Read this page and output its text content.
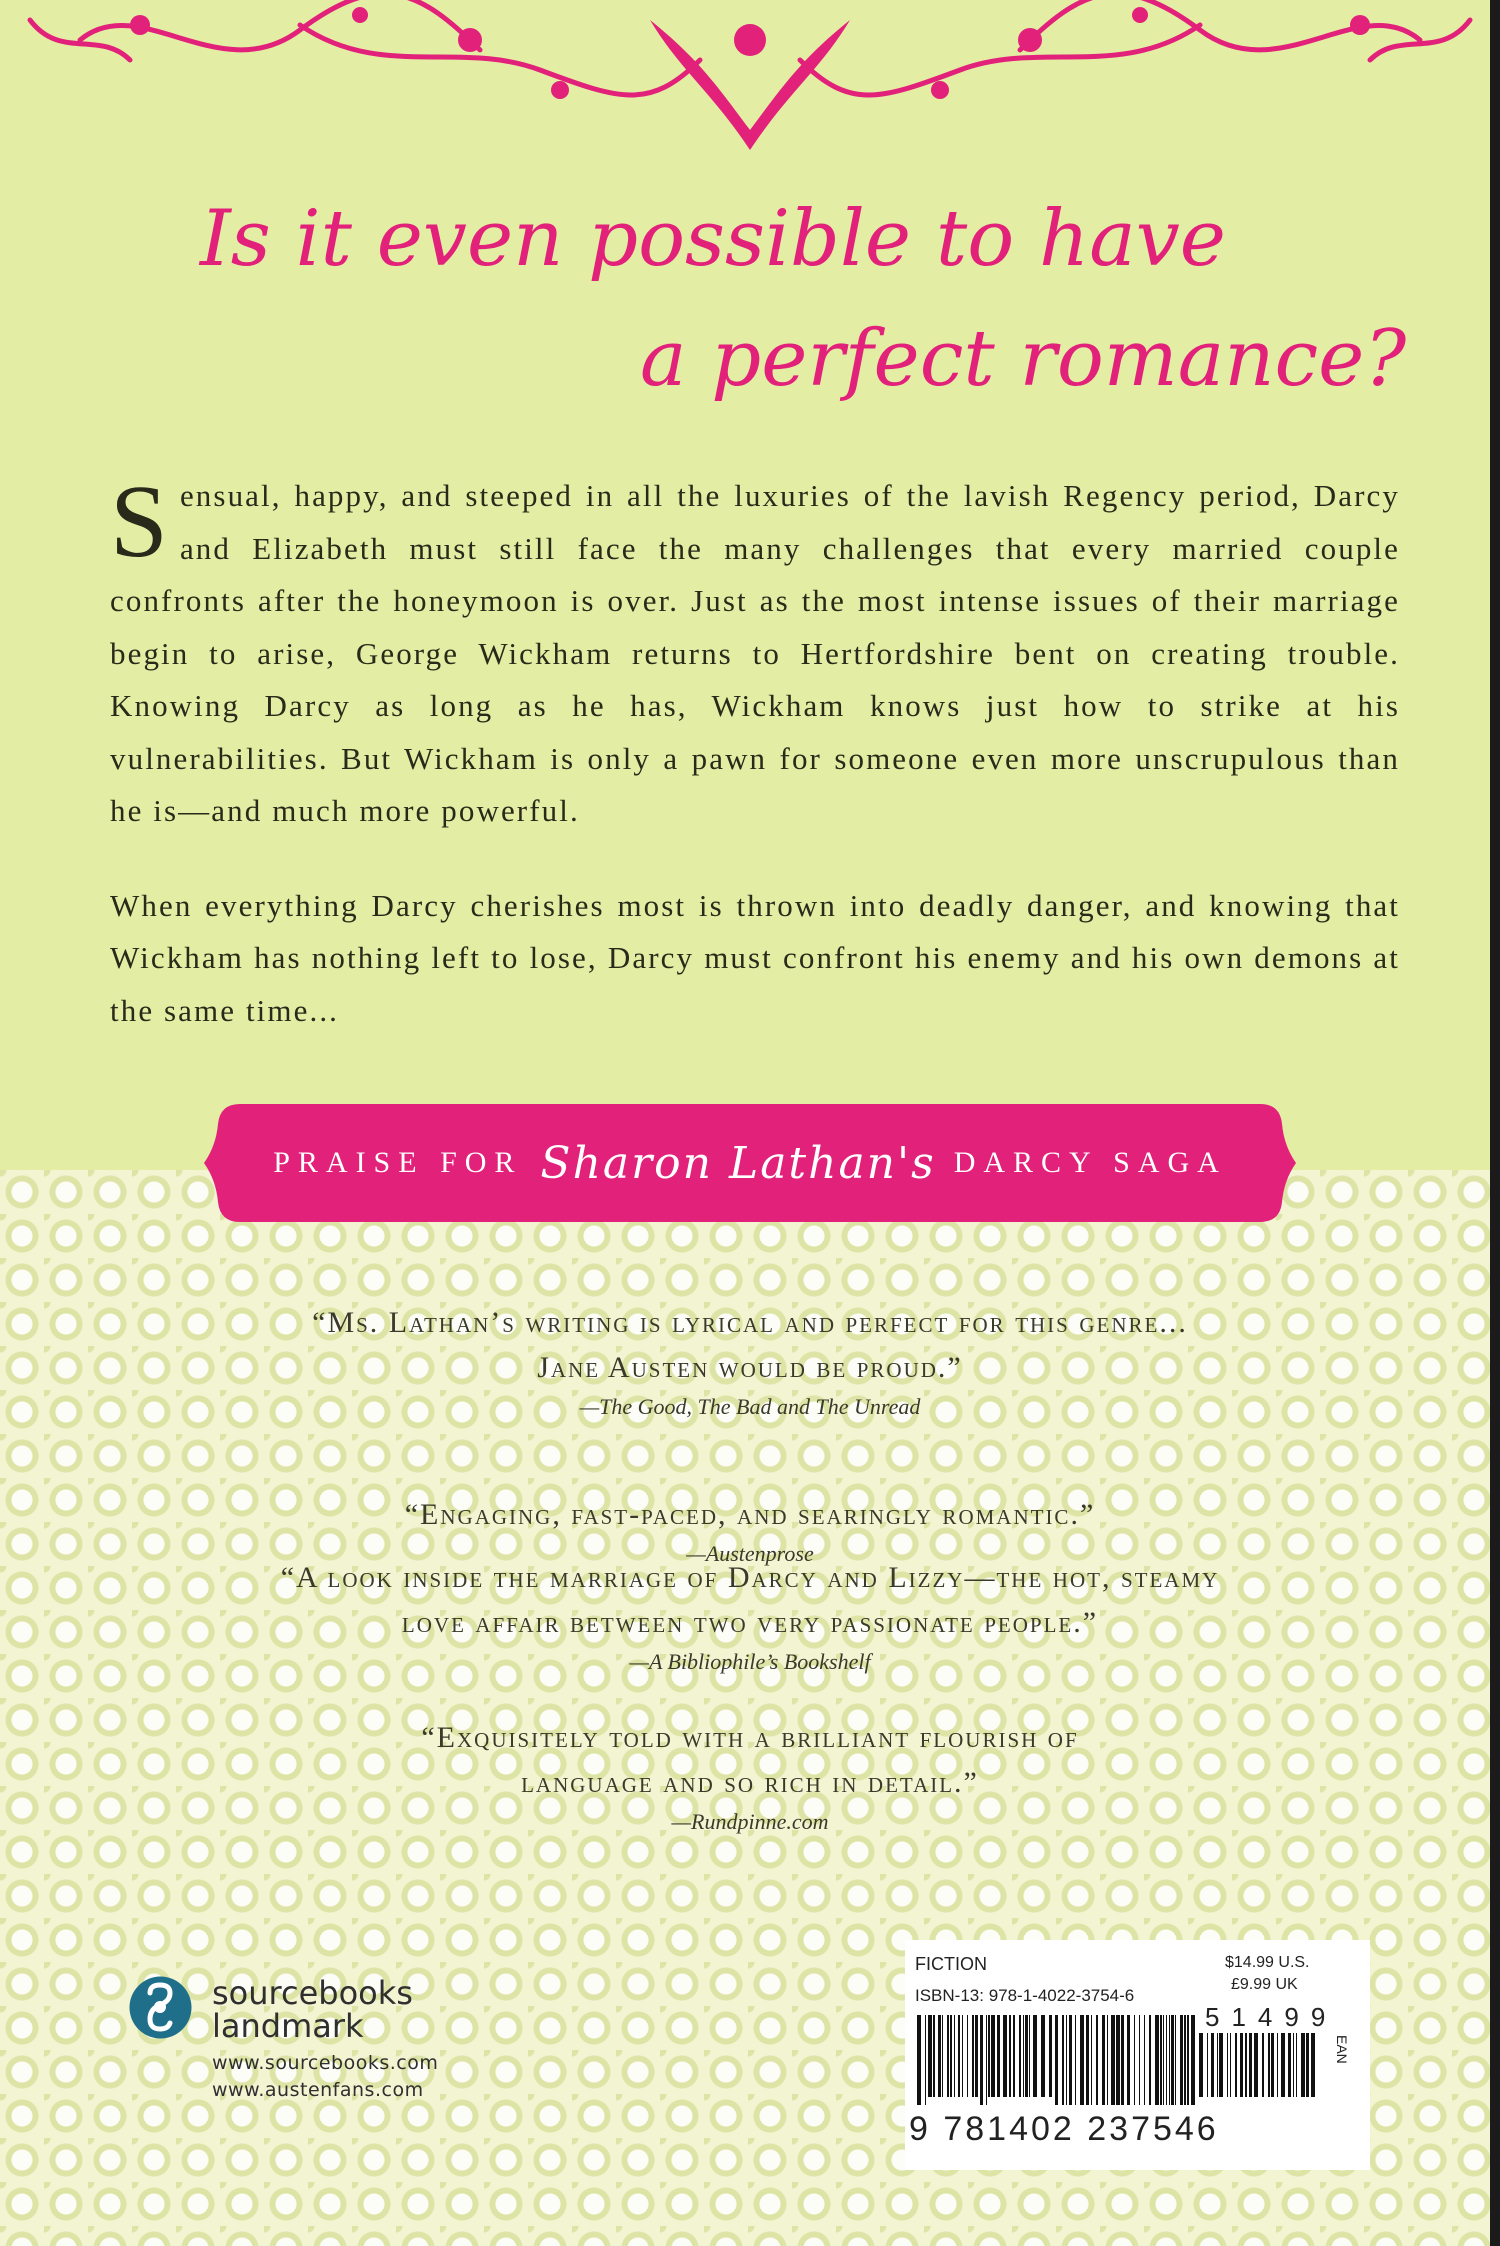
Is it even possible to have
a perfect romance?

Sensual, happy, and steeped in all the luxuries of the lavish Regency period, Darcy and Elizabeth must still face the many challenges that every married couple confronts after the honeymoon is over. Just as the most intense issues of their marriage begin to arise, George Wickham returns to Hertfordshire bent on creating trouble. Knowing Darcy as long as he has, Wickham knows just how to strike at his vulnerabilities. But Wickham is only a pawn for someone even more unscrupulous than he is—and much more powerful.

When everything Darcy cherishes most is thrown into deadly danger, and knowing that Wickham has nothing left to lose, Darcy must confront his enemy and his own demons at the same time...

PRAISE FOR Sharon Lathan's DARCY SAGA
“Ms. Lathan’s writing is lyrical and perfect for this genre...
Jane Austen would be proud.”
—The Good, The Bad and The Unread
“Engaging, fast-paced, and searingly romantic.”
—Austenprose
“A look inside the marriage of Darcy and Lizzy—the hot, steamy
love affair between two very passionate people.”
—A Bibliophile’s Bookshelf
“Exquisitely told with a brilliant flourish of
language and so rich in detail.”
—Rundpinne.com
sourcebooks
landmark
www.sourcebooks.com
www.austenfans.com
FICTION
ISBN-13: 978-1-4022-3754-6
$14.99 U.S.
£9.99 UK
51499
EAN
9 781402 237546
